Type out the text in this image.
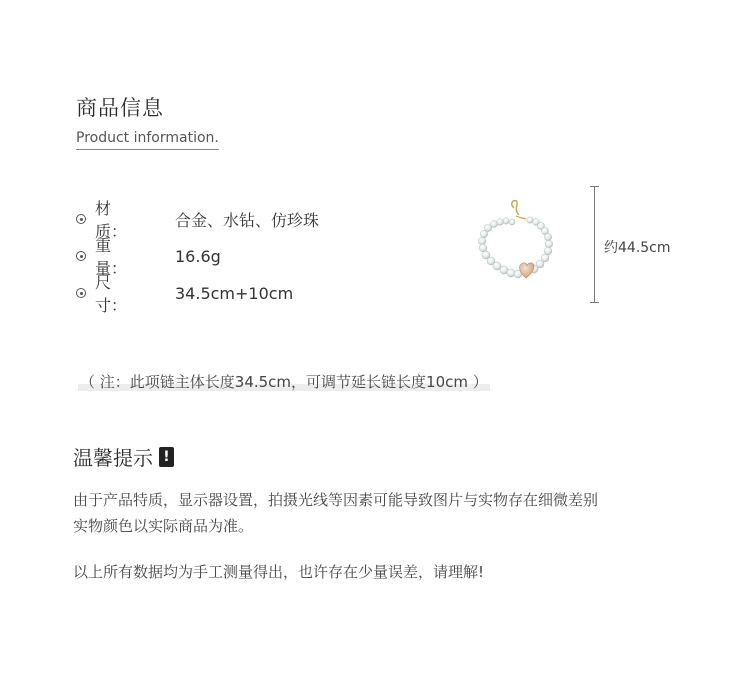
商品信息
Product information.
材　　质：
合金、水钻、仿珍珠
重　　量：
16.6g
尺　　寸：
34.5cm+10cm
约44.5cm
（ 注：此项链主体长度34.5cm，可调节延长链长度10cm ）
温馨提示 !
由于产品特质，显示器设置，拍摄光线等因素可能导致图片与实物存在细微差别
实物颜色以实际商品为准。
以上所有数据均为手工测量得出，也许存在少量误差，请理解!
